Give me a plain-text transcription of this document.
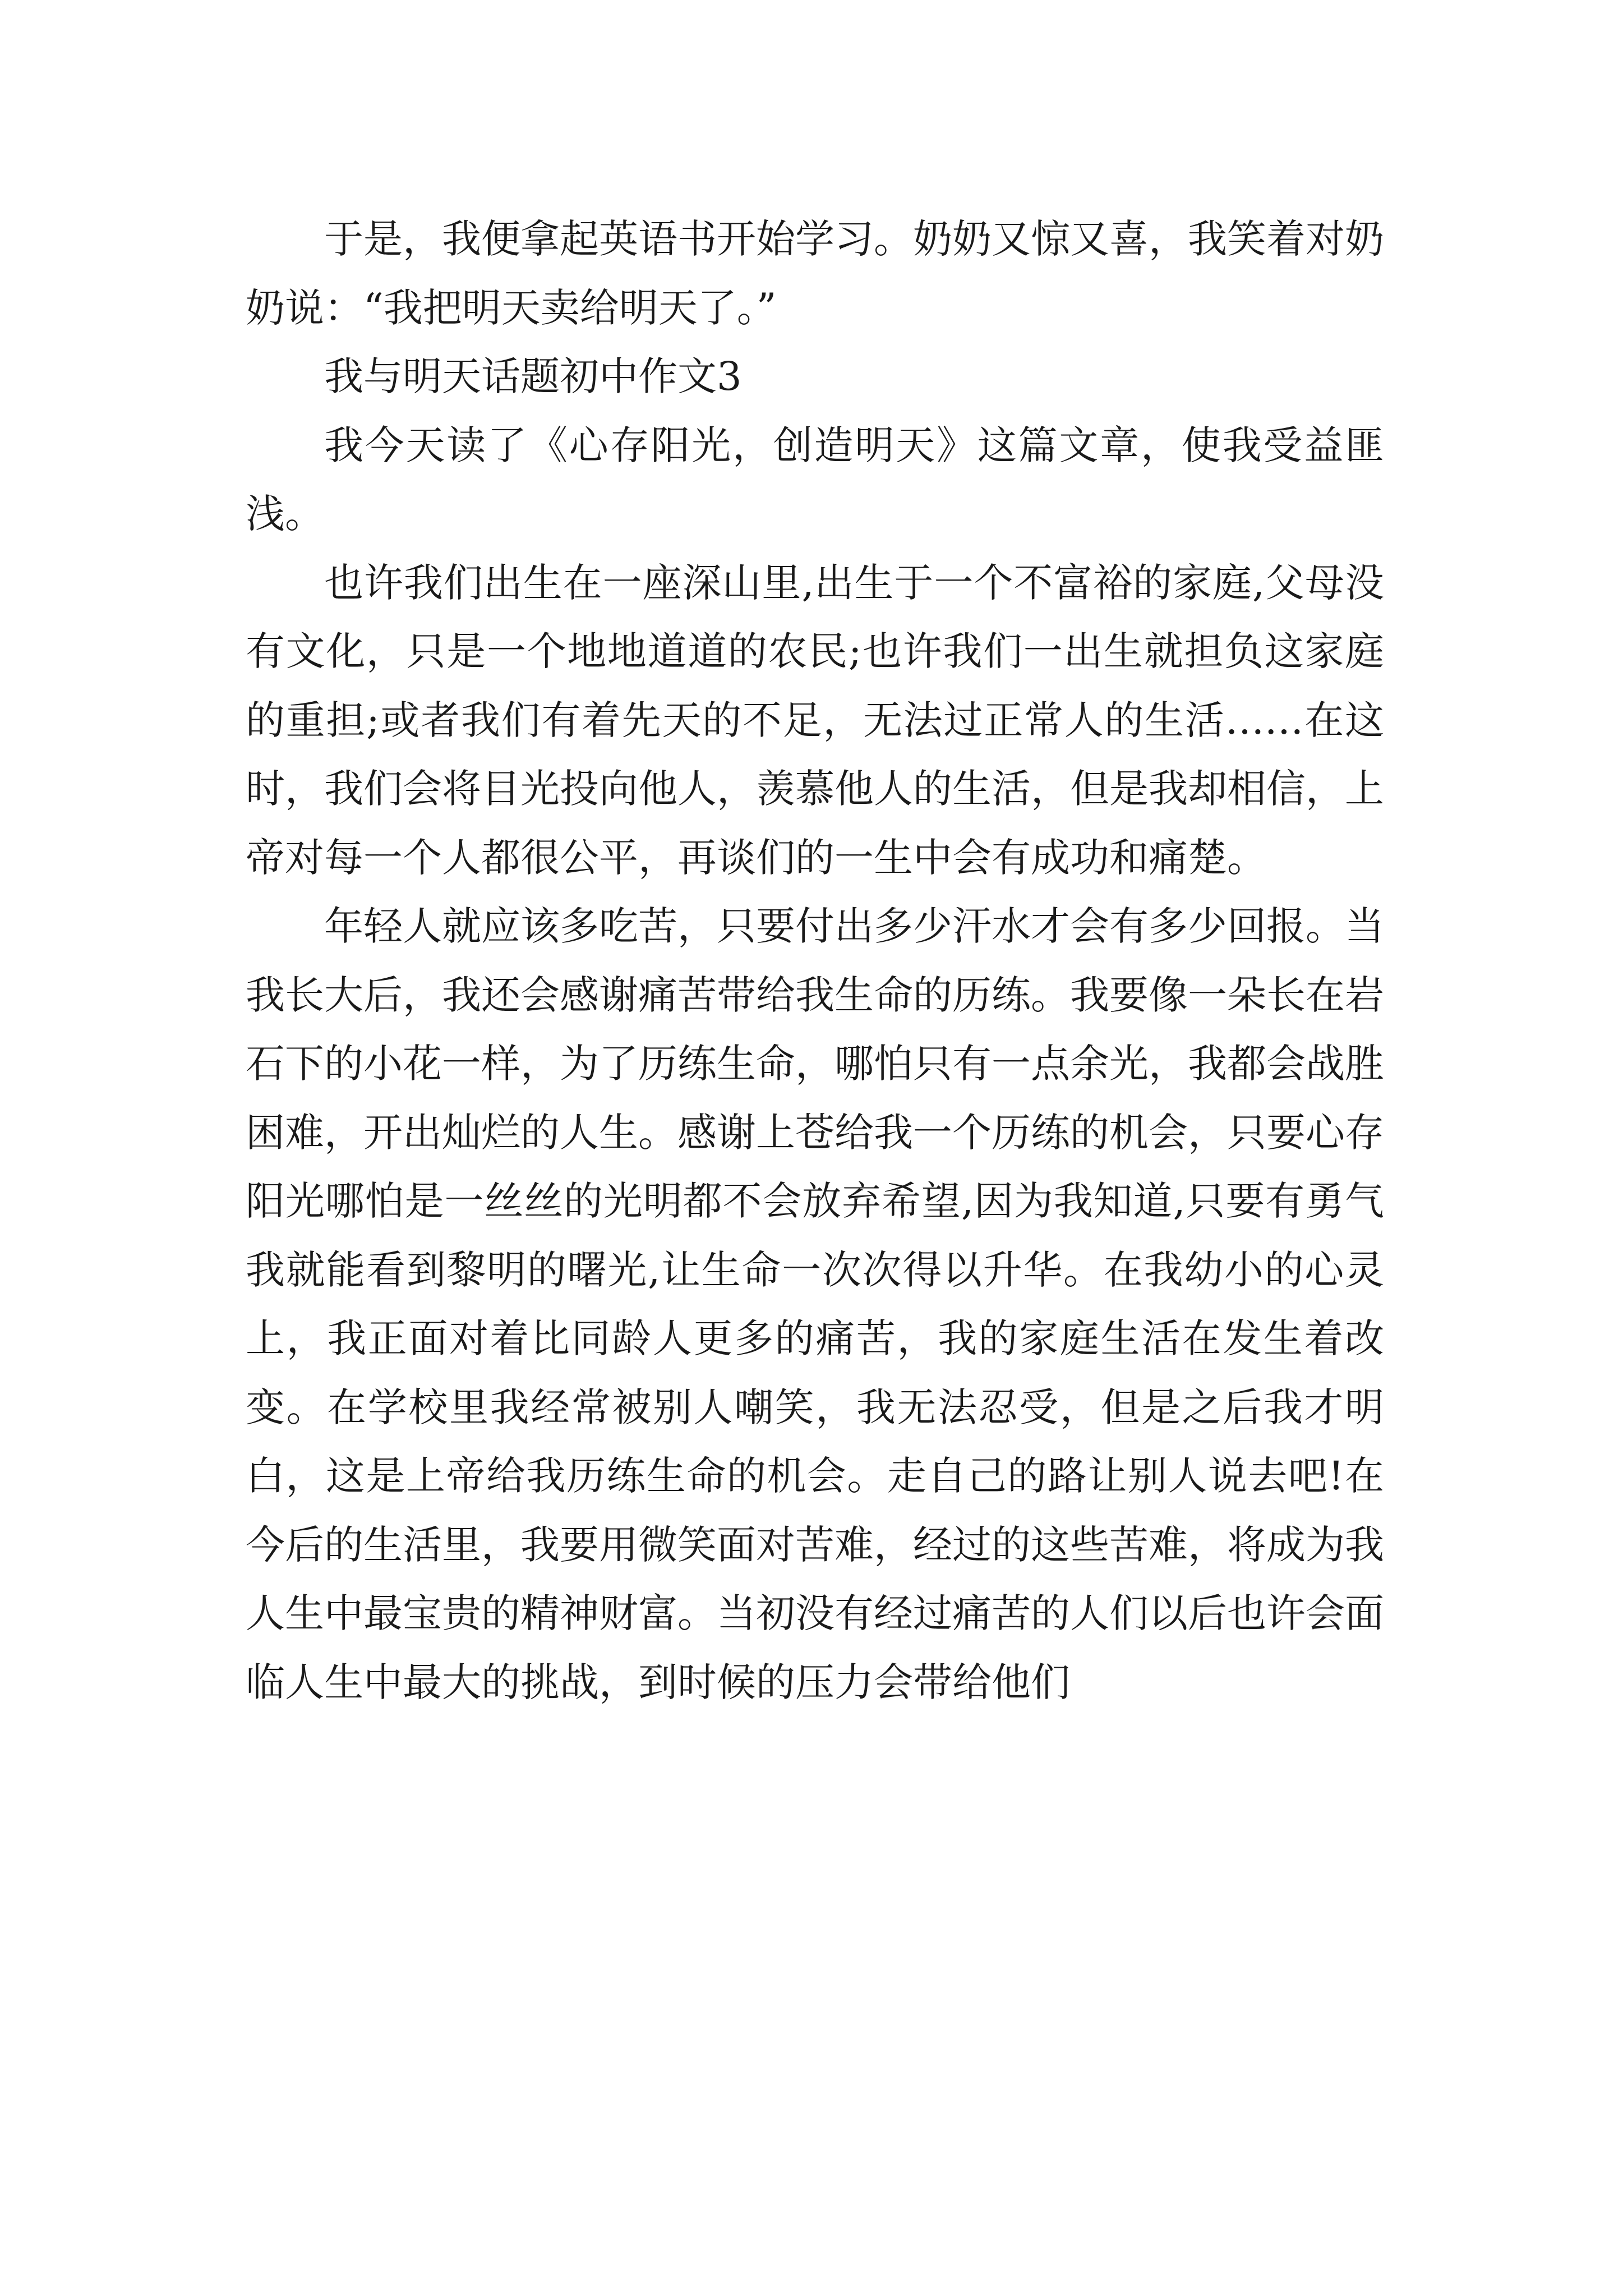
于是，我便拿起英语书开始学习。奶奶又惊又喜，我笑着对奶奶说：“我把明天卖给明天了。”

我与明天话题初中作文3

我今天读了《心存阳光，创造明天》这篇文章，使我受益匪浅。

也许我们出生在一座深山里,出生于一个不富裕的家庭,父母没有文化，只是一个地地道道的农民;也许我们一出生就担负这家庭的重担;或者我们有着先天的不足，无法过正常人的生活……在这时，我们会将目光投向他人，羡慕他人的生活，但是我却相信，上帝对每一个人都很公平，再谈们的一生中会有成功和痛楚。

年轻人就应该多吃苦，只要付出多少汗水才会有多少回报。当我长大后，我还会感谢痛苦带给我生命的历练。我要像一朵长在岩石下的小花一样，为了历练生命，哪怕只有一点余光，我都会战胜困难，开出灿烂的人生。感谢上苍给我一个历练的机会，只要心存阳光哪怕是一丝丝的光明都不会放弃希望,因为我知道,只要有勇气我就能看到黎明的曙光,让生命一次次得以升华。在我幼小的心灵上，我正面对着比同龄人更多的痛苦，我的家庭生活在发生着改变。在学校里我经常被别人嘲笑，我无法忍受，但是之后我才明白，这是上帝给我历练生命的机会。走自己的路让别人说去吧!在今后的生活里，我要用微笑面对苦难，经过的这些苦难，将成为我人生中最宝贵的精神财富。当初没有经过痛苦的人们以后也许会面临人生中最大的挑战，到时候的压力会带给他们
